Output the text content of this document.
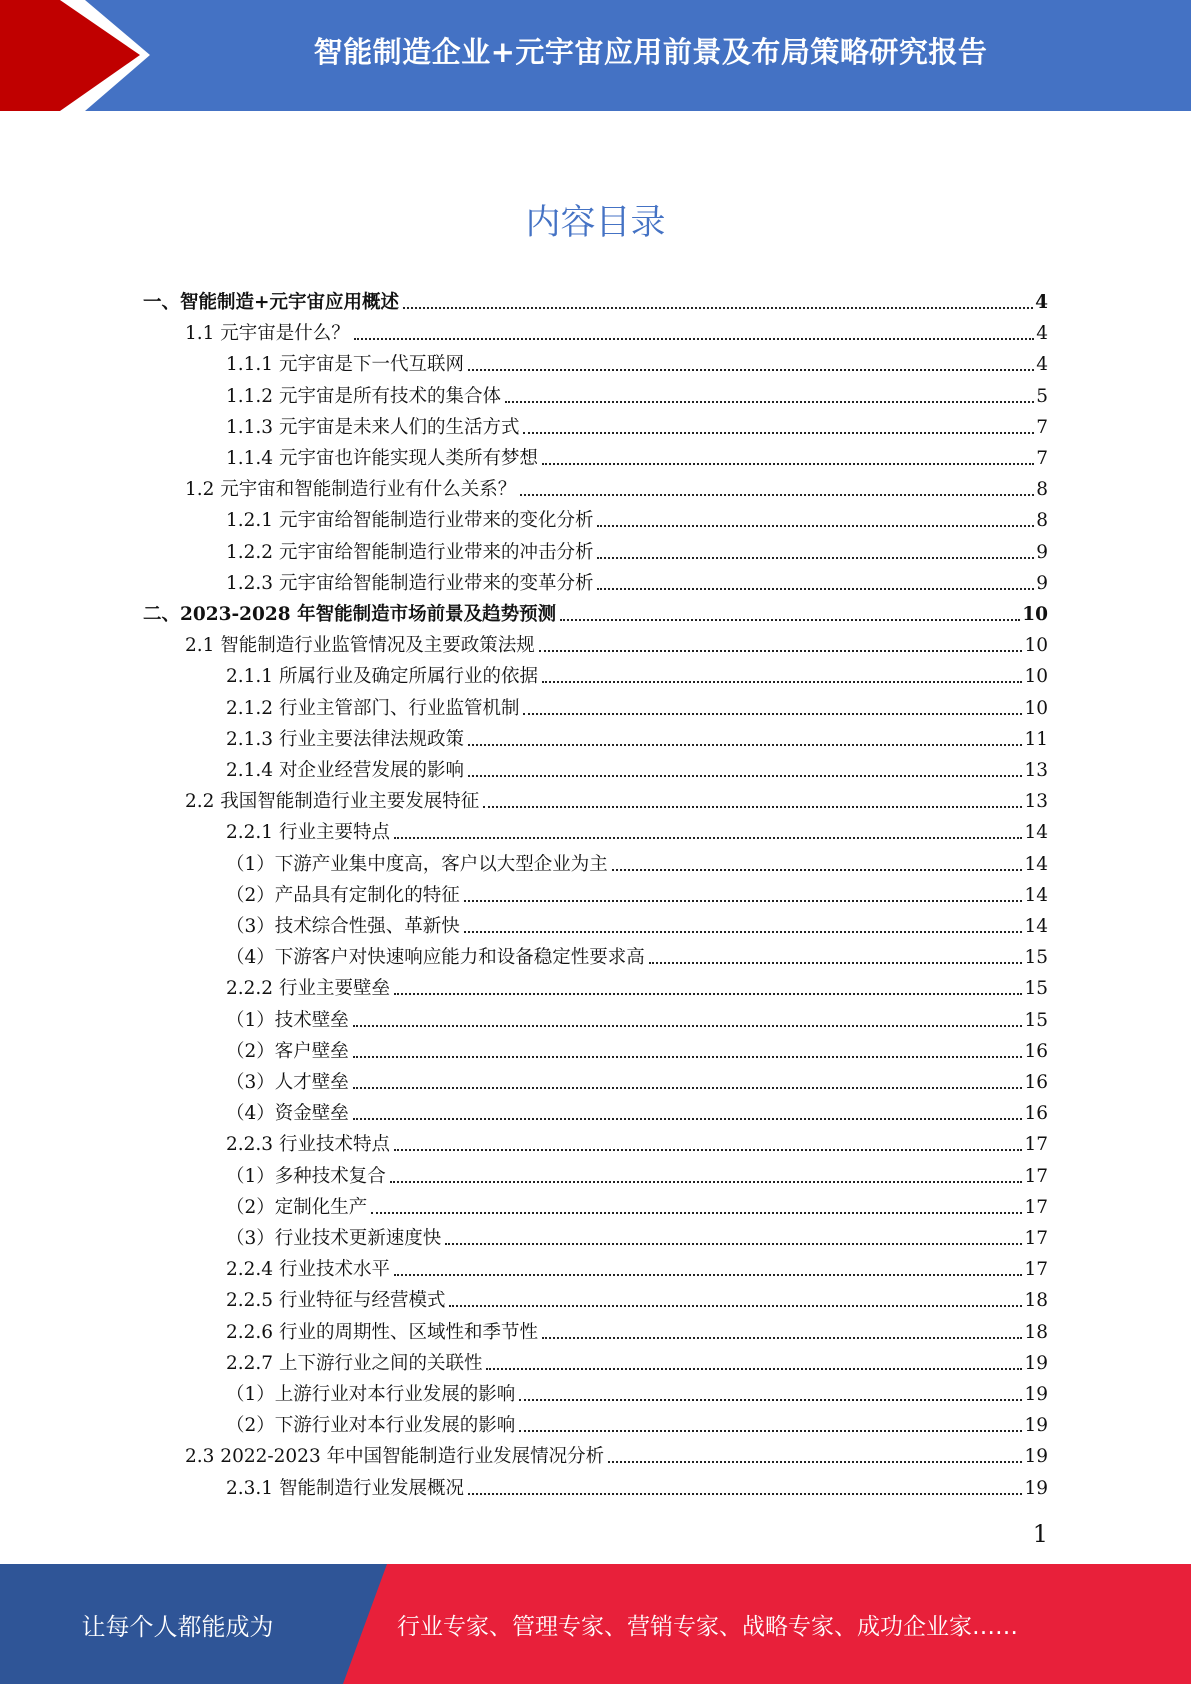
智能制造企业+元宇宙应用前景及布局策略研究报告
内容目录
一、智能制造+元宇宙应用概述	4
1.1 元宇宙是什么？	4
1.1.1 元宇宙是下一代互联网	4
1.1.2 元宇宙是所有技术的集合体	5
1.1.3 元宇宙是未来人们的生活方式	7
1.1.4 元宇宙也许能实现人类所有梦想	7
1.2 元宇宙和智能制造行业有什么关系？	8
1.2.1 元宇宙给智能制造行业带来的变化分析	8
1.2.2 元宇宙给智能制造行业带来的冲击分析	9
1.2.3 元宇宙给智能制造行业带来的变革分析	9
二、2023-2028 年智能制造市场前景及趋势预测	10
2.1 智能制造行业监管情况及主要政策法规	10
2.1.1 所属行业及确定所属行业的依据	10
2.1.2 行业主管部门、行业监管机制	10
2.1.3 行业主要法律法规政策	11
2.1.4 对企业经营发展的影响	13
2.2 我国智能制造行业主要发展特征	13
2.2.1 行业主要特点	14
（1）下游产业集中度高，客户以大型企业为主	14
（2）产品具有定制化的特征	14
（3）技术综合性强、革新快	14
（4）下游客户对快速响应能力和设备稳定性要求高	15
2.2.2 行业主要壁垒	15
（1）技术壁垒	15
（2）客户壁垒	16
（3）人才壁垒	16
（4）资金壁垒	16
2.2.3 行业技术特点	17
（1）多种技术复合	17
（2）定制化生产	17
（3）行业技术更新速度快	17
2.2.4 行业技术水平	17
2.2.5 行业特征与经营模式	18
2.2.6 行业的周期性、区域性和季节性	18
2.2.7 上下游行业之间的关联性	19
（1）上游行业对本行业发展的影响	19
（2）下游行业对本行业发展的影响	19
2.3 2022-2023 年中国智能制造行业发展情况分析	19
2.3.1 智能制造行业发展概况	19
1
让每个人都能成为	行业专家、管理专家、营销专家、战略专家、成功企业家……
